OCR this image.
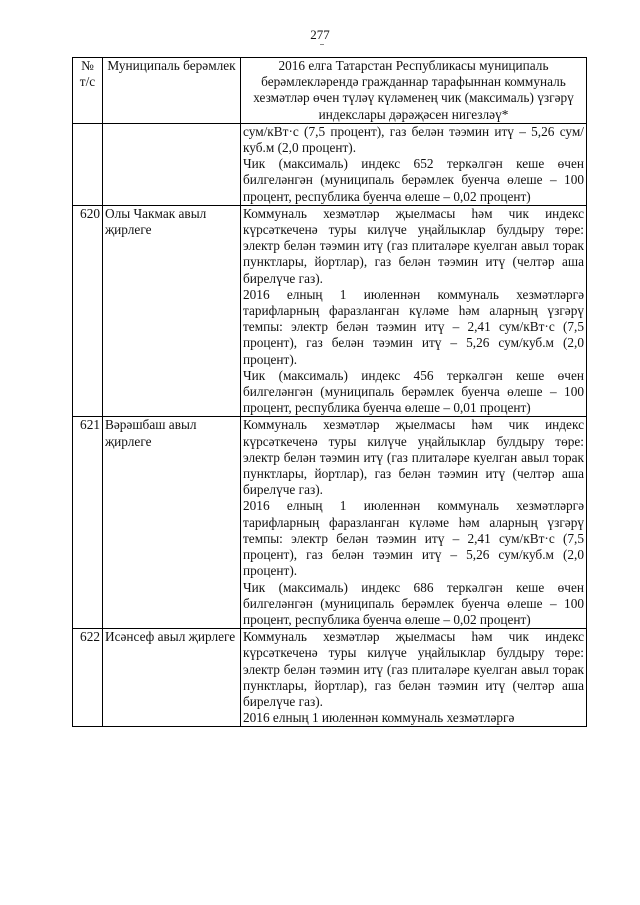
277
№ т/с	Муниципаль берәмлек	2016 елга Татарстан Республикасы муниципаль берәмлекләрендә гражданнар тарафыннан коммуналь хезмәтләр өчен түләү күләменең чик (максималь) үзгәрү индекслары дәрәҗәсен нигезләү*

		сум/кВт·с (7,5 процент), газ белән тәэмин итү – 5,26 сум/куб.м (2,0 процент).
Чик (максималь) индекс 652 теркәлгән кеше өчен билгеләнгән (муниципаль берәмлек буенча өлеше – 100 процент, республика буенча өлеше – 0,02 процент)

620	Олы Чакмак авыл җирлеге	Коммуналь хезмәтләр җыелмасы һәм чик индекс күрсәткеченә туры килүче уңайлыклар булдыру төре: электр белән тәэмин итү (газ плиталәре куелган авыл торак пунктлары, йортлар), газ белән тәэмин итү (челтәр аша бирелүче газ).
2016 елның 1 июленнән коммуналь хезмәтләргә тарифларның фаразланган күләме һәм аларның үзгәрү темпы: электр белән тәэмин итү – 2,41 сум/кВт·с (7,5 процент), газ белән тәэмин итү – 5,26 сум/куб.м (2,0 процент).
Чик (максималь) индекс 456 теркәлгән кеше өчен билгеләнгән (муниципаль берәмлек буенча өлеше – 100 процент, республика буенча өлеше – 0,01 процент)

621	Вәрәшбаш авыл җирлеге	Коммуналь хезмәтләр җыелмасы һәм чик индекс күрсәткеченә туры килүче уңайлыклар булдыру төре: электр белән тәэмин итү (газ плиталәре куелган авыл торак пунктлары, йортлар), газ белән тәэмин итү (челтәр аша бирелүче газ).
2016 елның 1 июленнән коммуналь хезмәтләргә тарифларның фаразланган күләме һәм аларның үзгәрү темпы: электр белән тәэмин итү – 2,41 сум/кВт·с (7,5 процент), газ белән тәэмин итү – 5,26 сум/куб.м (2,0 процент).
Чик (максималь) индекс 686 теркәлгән кеше өчен билгеләнгән (муниципаль берәмлек буенча өлеше – 100 процент, республика буенча өлеше – 0,02 процент)

622	Исәнсеф авыл җирлеге	Коммуналь хезмәтләр җыелмасы һәм чик индекс күрсәткеченә туры килүче уңайлыклар булдыру төре: электр белән тәэмин итү (газ плиталәре куелган авыл торак пунктлары, йортлар), газ белән тәэмин итү (челтәр аша бирелүче газ).
2016 елның 1 июленнән коммуналь хезмәтләргә
